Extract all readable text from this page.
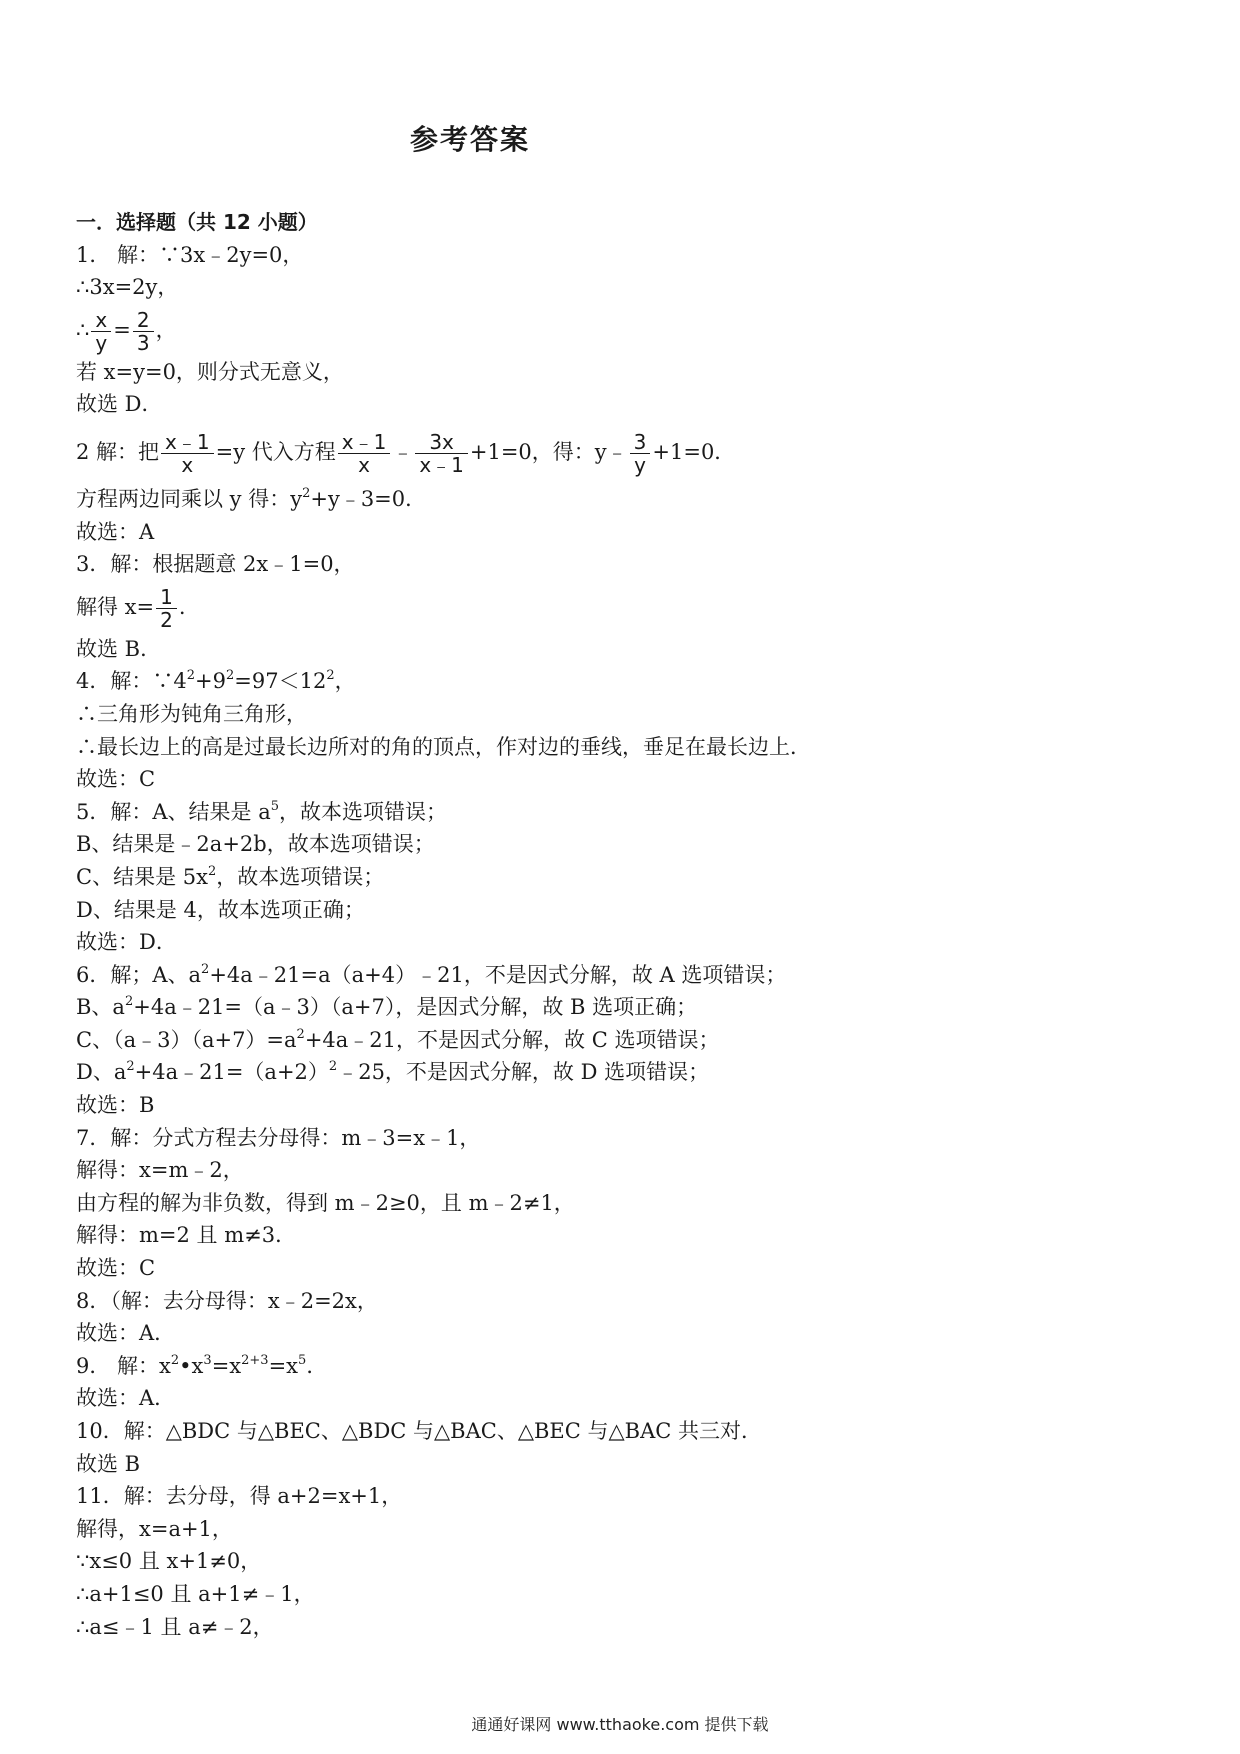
参考答案
一．选择题（共 12 小题）
1． 解：∵3x﹣2y=0，
∴3x=2y，
∴ $\frac{x}{y} = \frac{2}{3}$ ，
若 x=y=0，则分式无意义，
故选 D．
2 解：把 $\frac{x﹣1}{x} =y$ 代入方程 $\frac{x﹣1}{x}$ ﹣ $\frac{3x}{x﹣1} +1=0$，得：y﹣ $\frac{3}{y} +1=0$．
方程两边同乘以 y 得：$y^2+y﹣3=0$．
故选：A
3．解：根据题意 2x﹣1=0，
解得 $x= \frac{1}{2}$ .
故选 B．
4．解：$\because 4^2+9^2=97<12^2$，
∴三角形为钝角三角形，
∴最长边上的高是过最长边所对的角的顶点，作对边的垂线，垂足在最长边上．
故选：C
5．解：A、结果是 $a^5$，故本选项错误；
B、结果是﹣2a+2b，故本选项错误；
C、结果是 $5x^2$，故本选项错误；
D、结果是 4，故本选项正确；
故选：D．
6．解；A、$a^2+4a﹣21=a(a+4)﹣21$，不是因式分解，故 A 选项错误；
B、$a^2+4a﹣21=(a﹣3)(a+7)$，是因式分解，故 B 选项正确；
C、$(a﹣3)(a+7)=a^2+4a﹣21$，不是因式分解，故 C 选项错误；
D、$a^2+4a﹣21=(a+2)^2﹣25$，不是因式分解，故 D 选项错误；
故选：B
7．解：分式方程去分母得：m﹣3=x﹣1，
解得：x=m﹣2，
由方程的解为非负数，得到 m﹣2≥0，且 m﹣2≠1，
解得：m=2 且 m≠3．
故选：C
8．（解：去分母得：x﹣2=2x，
故选：A．
9． 解：$x^2•x^3=x^{2+3}=x^5$．
故选：A．
10．解：△BDC 与△BEC、△BDC 与△BAC、△BEC 与△BAC 共三对．
故选 B
11．解：去分母，得 a+2=x+1，
解得，x=a+1，
∵x≤0 且 x+1≠0，
∴a+1≤0 且 a+1≠﹣1，
∴a≤﹣1 且 a≠﹣2，
通通好课网 www.tthaoke.com 提供下载
